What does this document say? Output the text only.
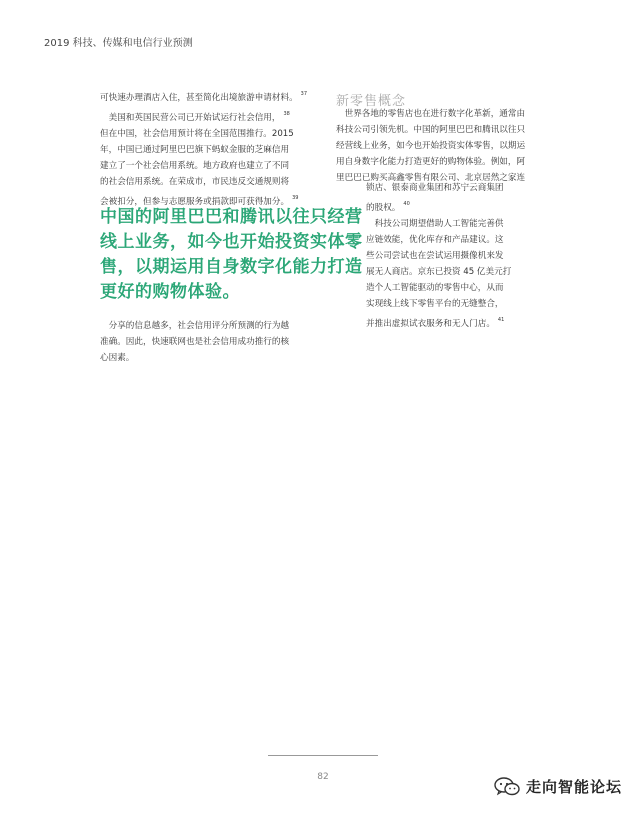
2019 科技、传媒和电信行业预测

可快速办理酒店入住，甚至简化出境旅游申请材料。 $^{37}$

　美国和英国民营公司已开始试运行社会信用， $^{38}$

但在中国，社会信用预计将在全国范围推行。2015

年，中国已通过阿里巴巴旗下蚂蚁金服的芝麻信用

建立了一个社会信用系统。地方政府也建立了不同

的社会信用系统。在荣成市，市民违反交通规则将

会被扣分，但参与志愿服务或捐款即可获得加分。 $^{39}$

中国的阿里巴巴和腾讯以往只经营
线上业务，如今也开始投资实体零
售，以期运用自身数字化能力打造
更好的购物体验。

　分享的信息越多，社会信用评分所预测的行为越

准确。因此，快速联网也是社会信用成功推行的核

心因素。

新零售概念

　世界各地的零售店也在进行数字化革新，通常由

科技公司引领先机。中国的阿里巴巴和腾讯以往只

经营线上业务，如今也开始投资实体零售，以期运

用自身数字化能力打造更好的购物体验。例如，阿

里巴巴已购买高鑫零售有限公司、北京居然之家连

锁店、银泰商业集团和苏宁云商集团

的股权。 $^{40}$

　科技公司期望借助人工智能完善供

应链效能，优化库存和产品建议。这

些公司尝试也在尝试运用摄像机来发

展无人商店。京东已投资 45 亿美元打

造个人工智能驱动的零售中心，从而

实现线上线下零售平台的无缝整合，

并推出虚拟试衣服务和无人门店。 $^{41}$

82
走向智能论坛
